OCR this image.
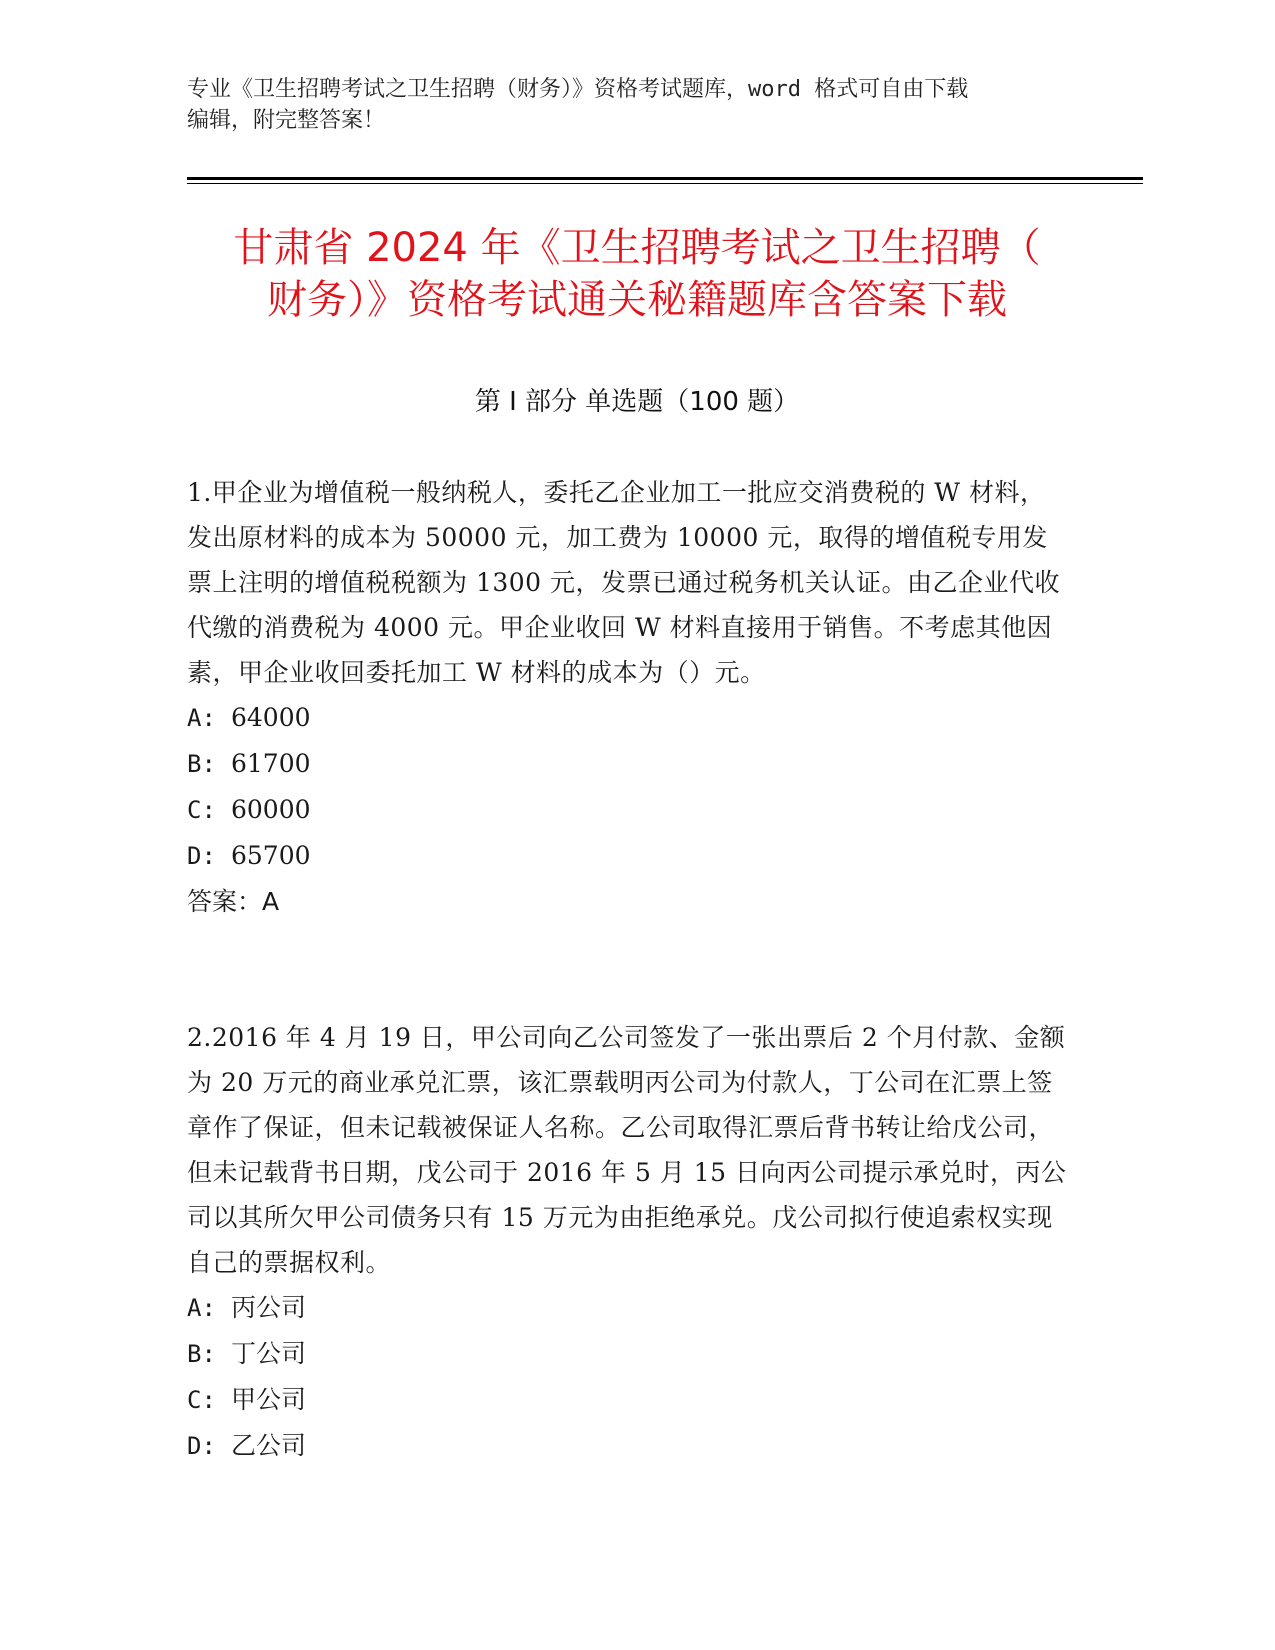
专业《卫生招聘考试之卫生招聘（财务）》资格考试题库，word 格式可自由下载
编辑，附完整答案！
甘肃省 2024 年《卫生招聘考试之卫生招聘（
财务）》资格考试通关秘籍题库含答案下载
第 I 部分 单选题（100 题）

1.甲企业为增值税一般纳税人，委托乙企业加工一批应交消费税的 W 材料，发出原材料的成本为 50000 元，加工费为 10000 元，取得的增值税专用发票上注明的增值税税额为 1300 元，发票已通过税务机关认证。由乙企业代收代缴的消费税为 4000 元。甲企业收回 W 材料直接用于销售。不考虑其他因素，甲企业收回委托加工 W 材料的成本为（）元。

A: 64000

B: 61700

C: 60000

D: 65700

答案：A

2.2016 年 4 月 19 日，甲公司向乙公司签发了一张出票后 2 个月付款、金额为 20 万元的商业承兑汇票，该汇票载明丙公司为付款人，丁公司在汇票上签章作了保证，但未记载被保证人名称。乙公司取得汇票后背书转让给戊公司，但未记载背书日期，戊公司于 2016 年 5 月 15 日向丙公司提示承兑时，丙公司以其所欠甲公司债务只有 15 万元为由拒绝承兑。戊公司拟行使追索权实现自己的票据权利。

A: 丙公司

B: 丁公司

C: 甲公司

D: 乙公司
